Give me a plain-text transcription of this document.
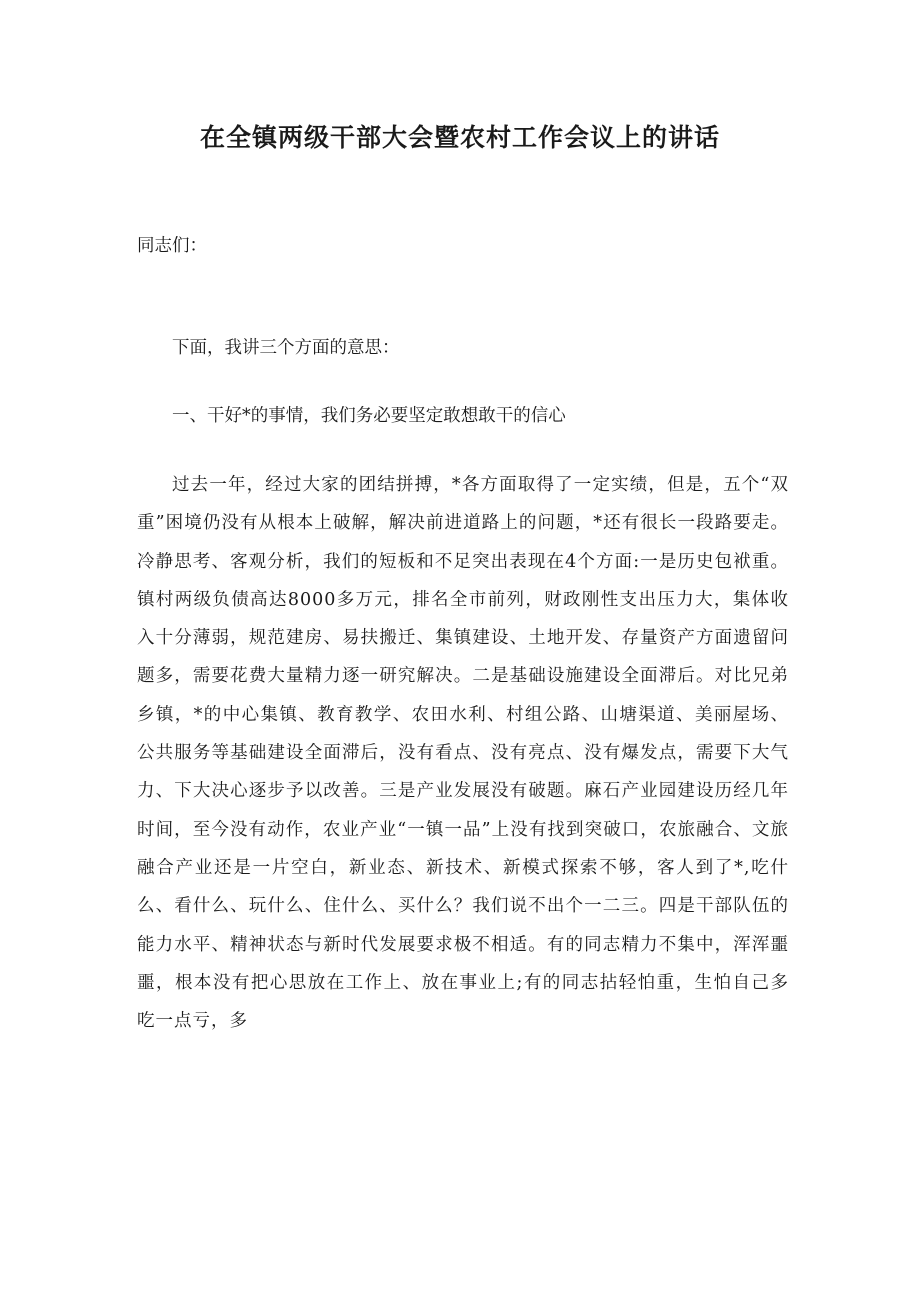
在全镇两级干部大会暨农村工作会议上的讲话

同志们：

下面，我讲三个方面的意思：

一、干好*的事情，我们务必要坚定敢想敢干的信心

过去一年，经过大家的团结拼搏，*各方面取得了一定实绩，但是，五个“双重”困境仍没有从根本上破解，解决前进道路上的问题，*还有很长一段路要走。冷静思考、客观分析，我们的短板和不足突出表现在4个方面:一是历史包袱重。镇村两级负债高达8000多万元，排名全市前列，财政刚性支出压力大，集体收入十分薄弱，规范建房、易扶搬迁、集镇建设、土地开发、存量资产方面遗留问题多，需要花费大量精力逐一研究解决。二是基础设施建设全面滞后。对比兄弟乡镇，*的中心集镇、教育教学、农田水利、村组公路、山塘渠道、美丽屋场、公共服务等基础建设全面滞后，没有看点、没有亮点、没有爆发点，需要下大气力、下大决心逐步予以改善。三是产业发展没有破题。麻石产业园建设历经几年时间，至今没有动作，农业产业“一镇一品”上没有找到突破口，农旅融合、文旅融合产业还是一片空白，新业态、新技术、新模式探索不够，客人到了*,吃什么、看什么、玩什么、住什么、买什么？我们说不出个一二三。四是干部队伍的能力水平、精神状态与新时代发展要求极不相适。有的同志精力不集中，浑浑噩噩，根本没有把心思放在工作上、放在事业上;有的同志拈轻怕重，生怕自己多吃一点亏，多
